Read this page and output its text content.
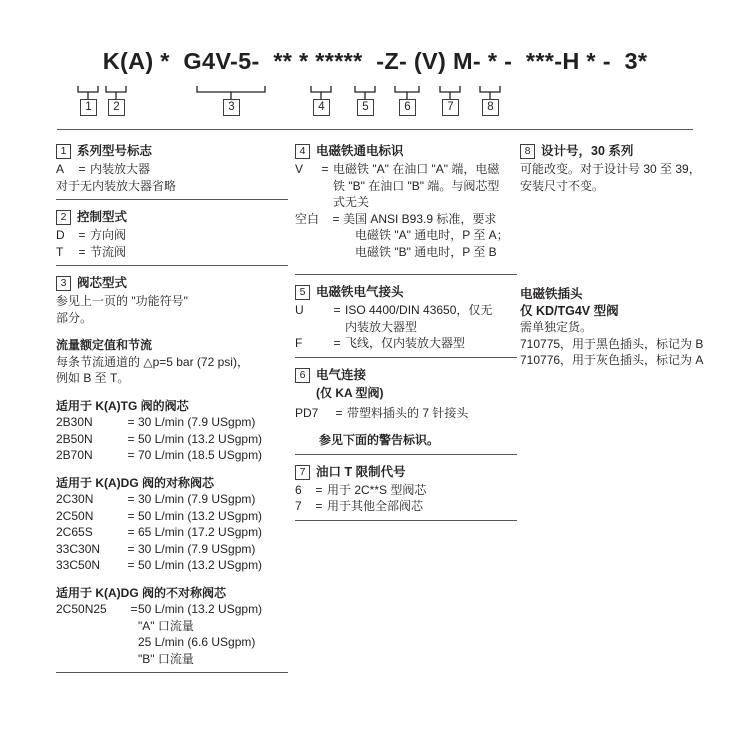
K(A) *  G4V-5-  ** * *****  -Z- (V) M- * -  ***-H * -  3*
1	2	3	4	5	6	7	8
1 系列型号标志
A	= 内装放大器
对于无内装放大器省略
2 控制型式
D	= 方向阀
T	= 节流阀
3 阀芯型式
参见上一页的 "功能符号"
部分。
流量额定值和节流
每条节流通道的 △p=5 bar (72 psi)，
例如 B 至 T。
适用于 K(A)TG 阀的阀芯
2B30N	= 30 L/min (7.9 USgpm)
2B50N	= 50 L/min (13.2 USgpm)
2B70N	= 70 L/min (18.5 USgpm)
适用于 K(A)DG 阀的对称阀芯
2C30N	= 30 L/min (7.9 USgpm)
2C50N	= 50 L/min (13.2 USgpm)
2C65S	= 65 L/min (17.2 USgpm)
33C30N	= 30 L/min (7.9 USgpm)
33C50N	= 50 L/min (13.2 USgpm)
适用于 K(A)DG 阀的不对称阀芯
2C50N25	= 50 L/min (13.2 USgpm)
"A" 口流量
25 L/min (6.6 USgpm)
"B" 口流量
4 电磁铁通电标识
V	= 电磁铁 "A" 在油口 "A" 端，电磁
铁 "B" 在油口 "B" 端。与阀芯型
式无关
空白	= 美国 ANSI B93.9 标准，要求
电磁铁 "A" 通电时，P 至 A；
电磁铁 "B" 通电时，P 至 B
5 电磁铁电气接头
U	= ISO 4400/DIN 43650，仅无
内装放大器型
F	= 飞线，仅内装放大器型
6 电气连接
(仅 KA 型阀)
PD7	= 带塑料插头的 7 针接头
参见下面的警告标识。
7 油口 T 限制代号
6	= 用于 2C**S 型阀芯
7	= 用于其他全部阀芯
8 设计号，30 系列
可能改变。对于设计号 30 至 39，
安装尺寸不变。
电磁铁插头
仅 KD/TG4V 型阀
需单独定货。
710775，用于黑色插头，标记为 B
710776，用于灰色插头，标记为 A
